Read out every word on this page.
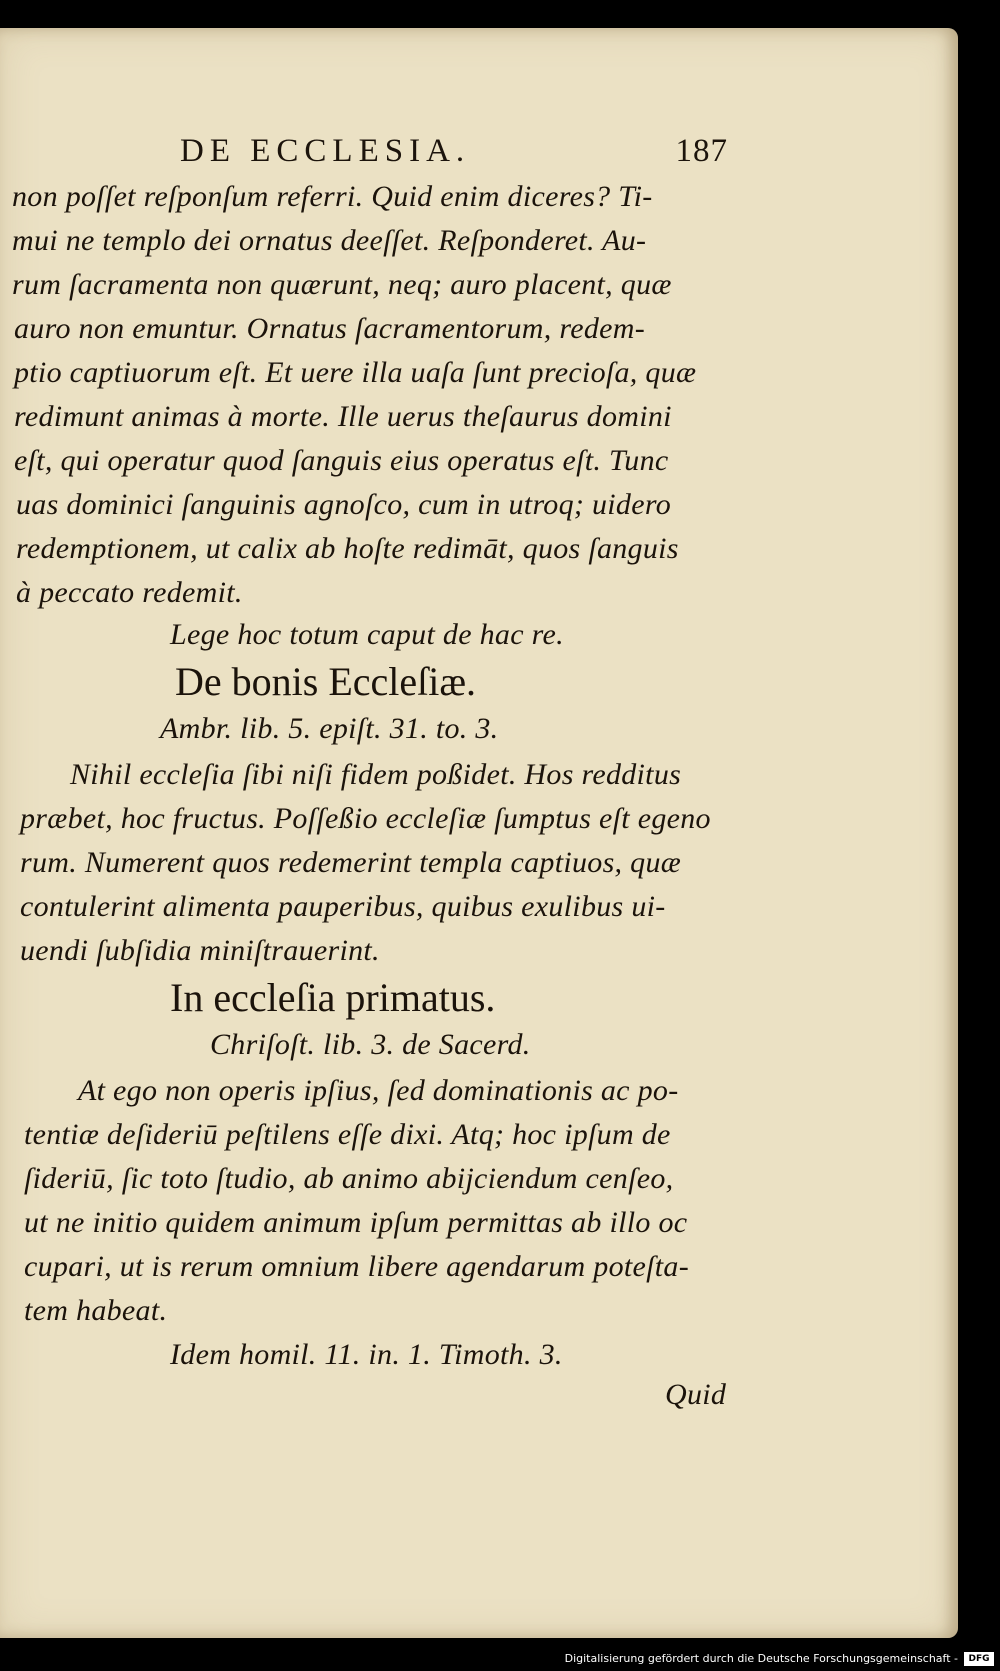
DE ECCLESIA.	187
non poſſet reſponſum referri. Quid enim diceres? Ti-
mui ne templo dei ornatus deeſſet. Reſponderet. Au-
rum ſacramenta non quærunt, neq; auro placent, quæ
auro non emuntur. Ornatus ſacramentorum, redem-
ptio captiuorum eſt. Et uere illa uaſa ſunt precioſa, quæ
redimunt animas à morte. Ille uerus theſaurus domini
eſt, qui operatur quod ſanguis eius operatus eſt. Tunc
uas dominici ſanguinis agnoſco, cum in utroq; uidero
redemptionem, ut calix ab hoſte redimāt, quos ſanguis
à peccato redemit.
Lege hoc totum caput de hac re.
De bonis Eccleſiæ.
Ambr. lib. 5. epiſt. 31. to. 3.
Nihil eccleſia ſibi niſi fidem poßidet. Hos redditus
præbet, hoc fructus. Poſſeßio eccleſiæ ſumptus eſt egeno
rum. Numerent quos redemerint templa captiuos, quæ
contulerint alimenta pauperibus, quibus exulibus ui-
uendi ſubſidia miniſtrauerint.
In eccleſia primatus.
Chriſoſt. lib. 3. de Sacerd.
At ego non operis ipſius, ſed dominationis ac po-
tentiæ deſideriū peſtilens eſſe dixi. Atq; hoc ipſum de
ſideriū, ſic toto ſtudio, ab animo abijciendum cenſeo,
ut ne initio quidem animum ipſum permittas ab illo oc
cupari, ut is rerum omnium libere agendarum poteſta-
tem habeat.
Idem homil. 11. in. 1. Timoth. 3.
Quid
Digitalisierung gefördert durch die Deutsche Forschungsgemeinschaft -	DFG
